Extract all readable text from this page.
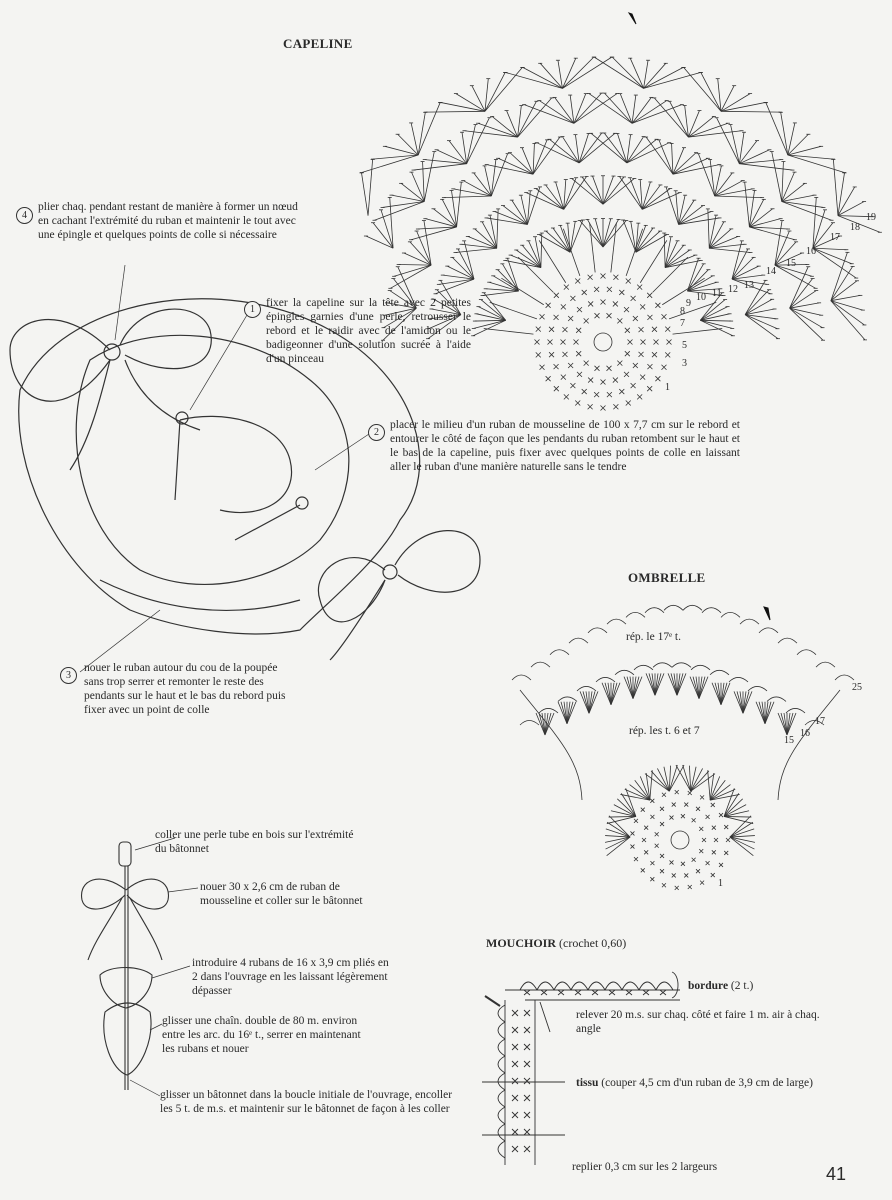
CAPELINE
1
3
5
7
8
9
10 11 12 13
14
15
16
17
18
19
4
plier chaq. pendant restant de manière à former un nœud en cachant l'extrémité du ruban et maintenir le tout avec une épingle et quelques points de colle si nécessaire
1
fixer la capeline sur la tête avec 2 petites épingles garnies d'une perle, retrousser le rebord et le raidir avec de l'amidon ou le badigeonner d'une solution sucrée à l'aide d'un pinceau
2
placer le milieu d'un ruban de mousseline de 100 x 7,7 cm sur le rebord et entourer le côté de façon que les pendants du ruban retombent sur le haut et le bas de la capeline, puis fixer avec quelques points de colle en laissant aller le ruban d'une manière naturelle sans le tendre
3
nouer le ruban autour du cou de la poupée sans trop serrer et remonter le reste des pendants sur le haut et le bas du rebord puis fixer avec un point de colle
OMBRELLE
rép. le 17ᵉ t.
rép. les t. 6 et 7
25
17
16
15
1
coller une perle tube en bois sur l'extrémité du bâtonnet
nouer 30 x 2,6 cm de ruban de mousseline et coller sur le bâtonnet
introduire 4 rubans de 16 x 3,9 cm pliés en 2 dans l'ouvrage en les laissant légèrement dépasser
glisser une chaîn. double de 80 m. environ entre les arc. du 16ᵉ t., serrer en maintenant les rubans et nouer
glisser un bâtonnet dans la boucle initiale de l'ouvrage, encoller les 5 t. de m.s. et maintenir sur le bâtonnet de façon à les coller
MOUCHOIR (crochet 0,60)
bordure (2 t.)
relever 20 m.s. sur chaq. côté et faire 1 m. air à chaq. angle
tissu (couper 4,5 cm d'un ruban de 3,9 cm de large)
replier 0,3 cm sur les 2 largeurs	41
